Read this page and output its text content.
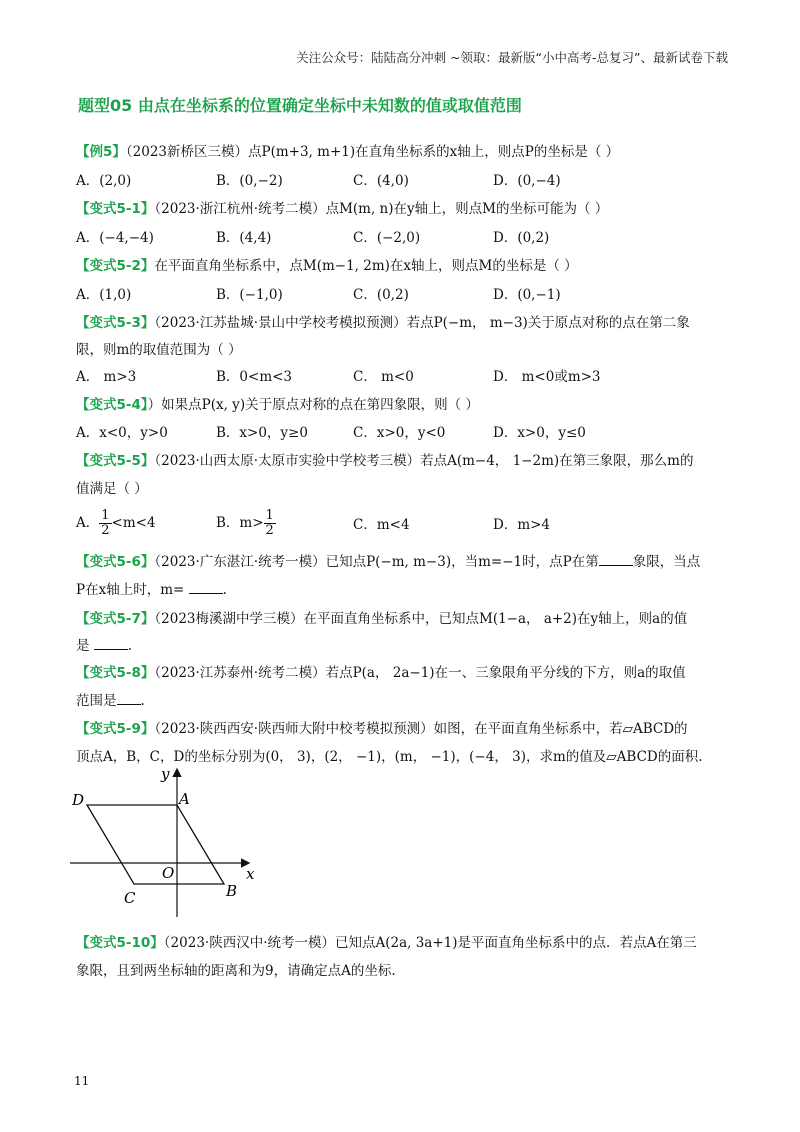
关注公众号：陆陆高分冲刺 ~领取：最新版“小中高考-总复习”、最新试卷下载
题型05 由点在坐标系的位置确定坐标中未知数的值或取值范围
【例5】（2023新桥区三模）点P(m+3, m+1)在直角坐标系的x轴上，则点P的坐标是（ ）
A．(2,0)	B．(0,−2)	C．(4,0)	D．(0,−4)
【变式5-1】（2023·浙江杭州·统考二模）点M(m, n)在y轴上，则点M的坐标可能为（ ）
A．(−4,−4)	B．(4,4)	C．(−2,0)	D．(0,2)
【变式5-2】在平面直角坐标系中，点M(m−1, 2m)在x轴上，则点M的坐标是（ ）
A．(1,0)	B．(−1,0)	C．(0,2)	D．(0,−1)
【变式5-3】（2023·江苏盐城·景山中学校考模拟预测）若点P(−m， m−3)关于原点对称的点在第二象
限，则m的取值范围为（ ）
A． m>3	B．0<m<3	C． m<0	D． m<0或m>3
【变式5-4】）如果点P(x, y)关于原点对称的点在第四象限，则（ ）
A．x<0，y>0	B．x>0，y≥0	C．x>0，y<0	D．x>0，y≤0
【变式5-5】（2023·山西太原·太原市实验中学校考三模）若点A(m−4， 1−2m)在第三象限，那么m的
值满足（ ）
A． $\frac{1}{2} <m<4$	B．$m> \frac{1}{2}$	C．m<4	D．m>4
【变式5-6】（2023·广东湛江·统考一模）已知点P(−m, m−3)，当m=−1时，点P在第	象限，当点
P在x轴上时，m=	.
【变式5-7】（2023梅溪湖中学三模）在平面直角坐标系中，已知点M(1−a， a+2)在y轴上，则a的值
是	.
【变式5-8】（2023·江苏泰州·统考二模）若点P(a， 2a−1)在一、三象限角平分线的下方，则a的取值
范围是 .
【变式5-9】（2023·陕西西安·陕西师大附中校考模拟预测）如图，在平面直角坐标系中，若▱ABCD的
顶点A，B，C，D的坐标分别为(0， 3)，(2， −1)，(m， −1)，(−4， 3)，求m的值及▱ABCD的面积.
x
y
O
A
B
C
D
【变式5-10】（2023·陕西汉中·统考一模）已知点A(2a, 3a+1)是平面直角坐标系中的点．若点A在第三
象限，且到两坐标轴的距离和为9，请确定点A的坐标.
11
